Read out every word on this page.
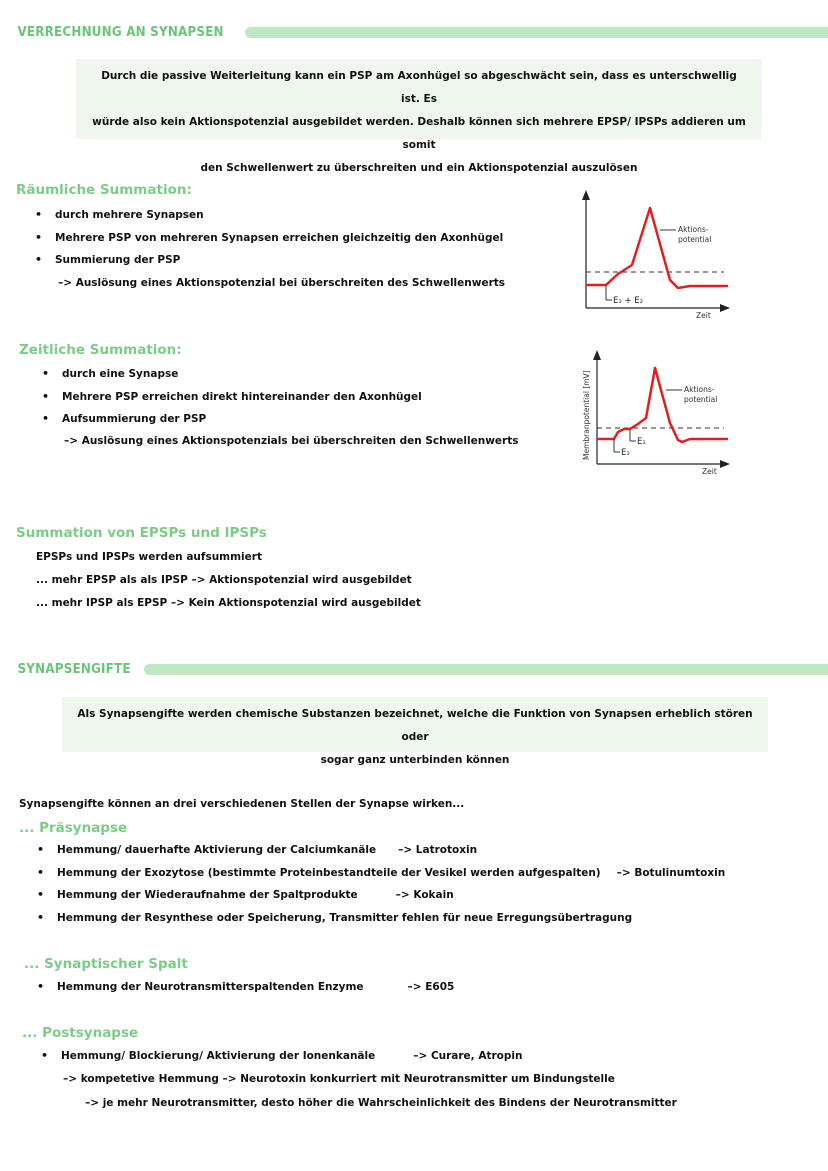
VERRECHNUNG AN SYNAPSEN
Durch die passive Weiterleitung kann ein PSP am Axonhügel so abgeschwächt sein, dass es unterschwellig ist. Es
würde also kein Aktionspotenzial ausgebildet werden. Deshalb können sich mehrere EPSP/ IPSPs addieren um somit
den Schwellenwert zu überschreiten und ein Aktionspotenzial auszulösen
Räumliche Summation:
• durch mehrere Synapsen
• Mehrere PSP von mehreren Synapsen erreichen gleichzeitig den Axonhügel
• Summierung der PSP
–> Auslösung eines Aktionspotenzial bei überschreiten des Schwellenwerts
E₁ + E₂
Aktions-
potential
Zeit
Zeitliche Summation:
• durch eine Synapse
• Mehrere PSP erreichen direkt hintereinander den Axonhügel
• Aufsummierung der PSP
–> Auslösung eines Aktionspotenzials bei überschreiten den Schwellenwerts	Membranpotential [mV]	E₁
E₁
Aktions-
potential
Zeit
Summation von EPSPs und IPSPs
EPSPs und IPSPs werden aufsummiert
... mehr EPSP als als IPSP –> Aktionspotenzial wird ausgebildet
... mehr IPSP als EPSP –> Kein Aktionspotenzial wird ausgebildet
SYNAPSENGIFTE
Als Synapsengifte werden chemische Substanzen bezeichnet, welche die Funktion von Synapsen erheblich stören oder
sogar ganz unterbinden können
Synapsengifte können an drei verschiedenen Stellen der Synapse wirken...
... Präsynapse
• Hemmung/ dauerhafte Aktivierung der Calciumkanäle –> Latrotoxin
• Hemmung der Exozytose (bestimmte Proteinbestandteile der Vesikel werden aufgespalten) –> Botulinumtoxin
• Hemmung der Wiederaufnahme der Spaltprodukte	–> Kokain
• Hemmung der Resynthese oder Speicherung, Transmitter fehlen für neue Erregungsübertragung
... Synaptischer Spalt
• Hemmung der Neurotransmitterspaltenden Enzyme	–> E605
... Postsynapse
• Hemmung/ Blockierung/ Aktivierung der Ionenkanäle	–> Curare, Atropin
–> kompetetive Hemmung –> Neurotoxin konkurriert mit Neurotransmitter um Bindungstelle
–> je mehr Neurotransmitter, desto höher die Wahrscheinlichkeit des Bindens der Neurotransmitter
